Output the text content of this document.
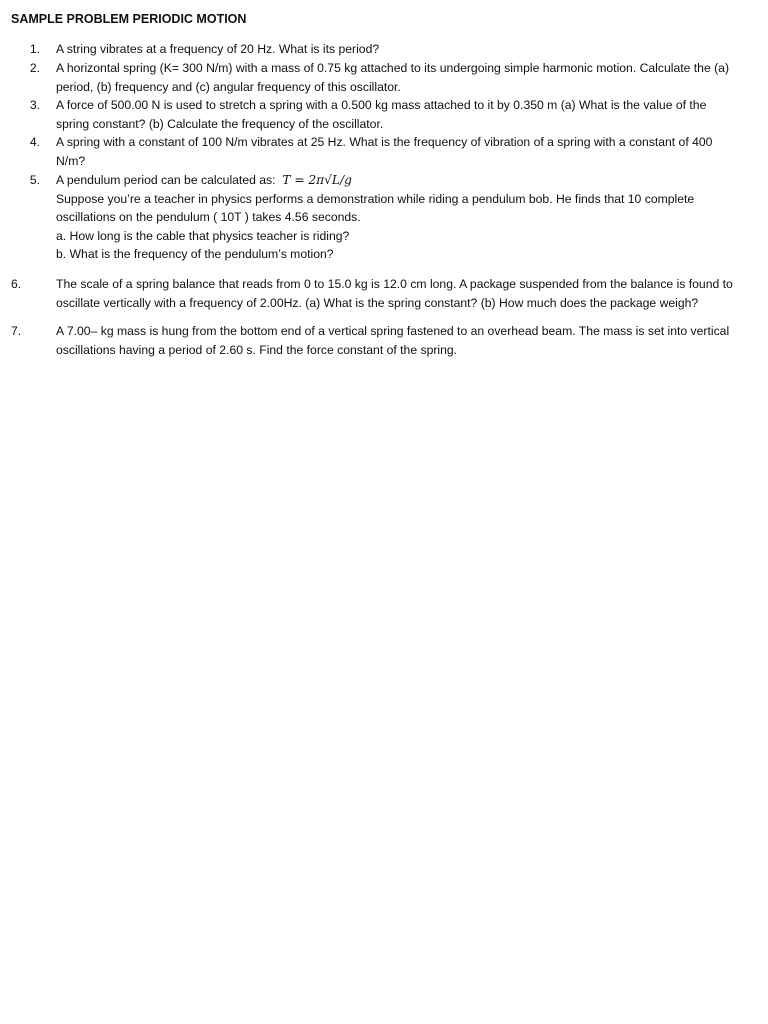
SAMPLE PROBLEM PERIODIC MOTION
1. A string vibrates at a frequency of 20 Hz. What is its period?
2. A horizontal spring (K= 300 N/m) with a mass of 0.75 kg attached to its undergoing simple harmonic motion. Calculate the (a)
period, (b) frequency and (c) angular frequency of this oscillator.
3. A force of 500.00 N is used to stretch a spring with a 0.500 kg mass attached to it by 0.350 m (a) What is the value of the
spring constant? (b) Calculate the frequency of the oscillator.
4. A spring with a constant of 100 N/m vibrates at 25 Hz. What is the frequency of vibration of a spring with a constant of 400
N/m?
5. A pendulum period can be calculated as: T = 2π√L/g
Suppose you’re a teacher in physics performs a demonstration while riding a pendulum bob. He finds that 10 complete
oscillations on the pendulum ( 10T ) takes 4.56 seconds.
a. How long is the cable that physics teacher is riding?
b. What is the frequency of the pendulum’s motion?
6.	The scale of a spring balance that reads from 0 to 15.0 kg is 12.0 cm long. A package suspended from the balance is found to
oscillate vertically with a frequency of 2.00Hz. (a) What is the spring constant? (b) How much does the package weigh?
7.	A 7.00– kg mass is hung from the bottom end of a vertical spring fastened to an overhead beam. The mass is set into vertical
oscillations having a period of 2.60 s. Find the force constant of the spring.
